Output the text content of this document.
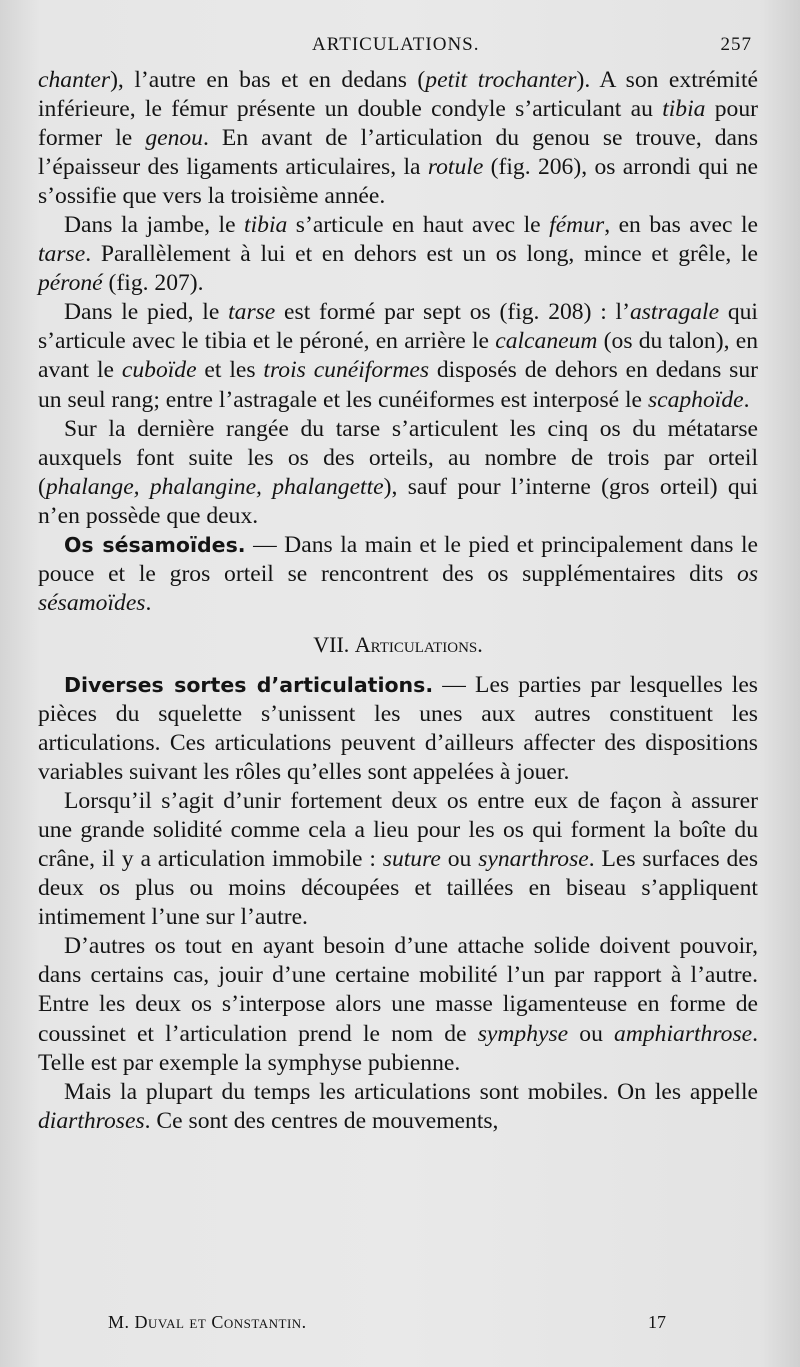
ARTICULATIONS.	257

chanter), l’autre en bas et en dedans (petit trochanter). A son extrémité inférieure, le fémur présente un double condyle s’articulant au tibia pour former le genou. En avant de l’articulation du genou se trouve, dans l’épaisseur des ligaments articulaires, la rotule (fig. 206), os arrondi qui ne s’ossifie que vers la troisième année.

Dans la jambe, le tibia s’articule en haut avec le fémur, en bas avec le tarse. Parallèlement à lui et en dehors est un os long, mince et grêle, le péroné (fig. 207).

Dans le pied, le tarse est formé par sept os (fig. 208) : l’astragale qui s’articule avec le tibia et le péroné, en arrière le calcaneum (os du talon), en avant le cuboïde et les trois cunéiformes disposés de dehors en dedans sur un seul rang; entre l’astragale et les cunéiformes est interposé le scaphoïde.

Sur la dernière rangée du tarse s’articulent les cinq os du métatarse auxquels font suite les os des orteils, au nombre de trois par orteil (phalange, phalangine, phalangette), sauf pour l’interne (gros orteil) qui n’en possède que deux.

Os sésamoïdes. — Dans la main et le pied et principalement dans le pouce et le gros orteil se rencontrent des os supplémentaires dits os sésamoïdes.

VII. Articulations.

Diverses sortes d’articulations. — Les parties par lesquelles les pièces du squelette s’unissent les unes aux autres constituent les articulations. Ces articulations peuvent d’ailleurs affecter des dispositions variables suivant les rôles qu’elles sont appelées à jouer.

Lorsqu’il s’agit d’unir fortement deux os entre eux de façon à assurer une grande solidité comme cela a lieu pour les os qui forment la boîte du crâne, il y a articulation immobile : suture ou synarthrose. Les surfaces des deux os plus ou moins découpées et taillées en biseau s’appliquent intimement l’une sur l’autre.

D’autres os tout en ayant besoin d’une attache solide doivent pouvoir, dans certains cas, jouir d’une certaine mobilité l’un par rapport à l’autre. Entre les deux os s’interpose alors une masse ligamenteuse en forme de coussinet et l’articulation prend le nom de symphyse ou amphiarthrose. Telle est par exemple la symphyse pubienne.

Mais la plupart du temps les articulations sont mobiles. On les appelle diarthroses. Ce sont des centres de mouvements,

M. Duval et Constantin.	17
